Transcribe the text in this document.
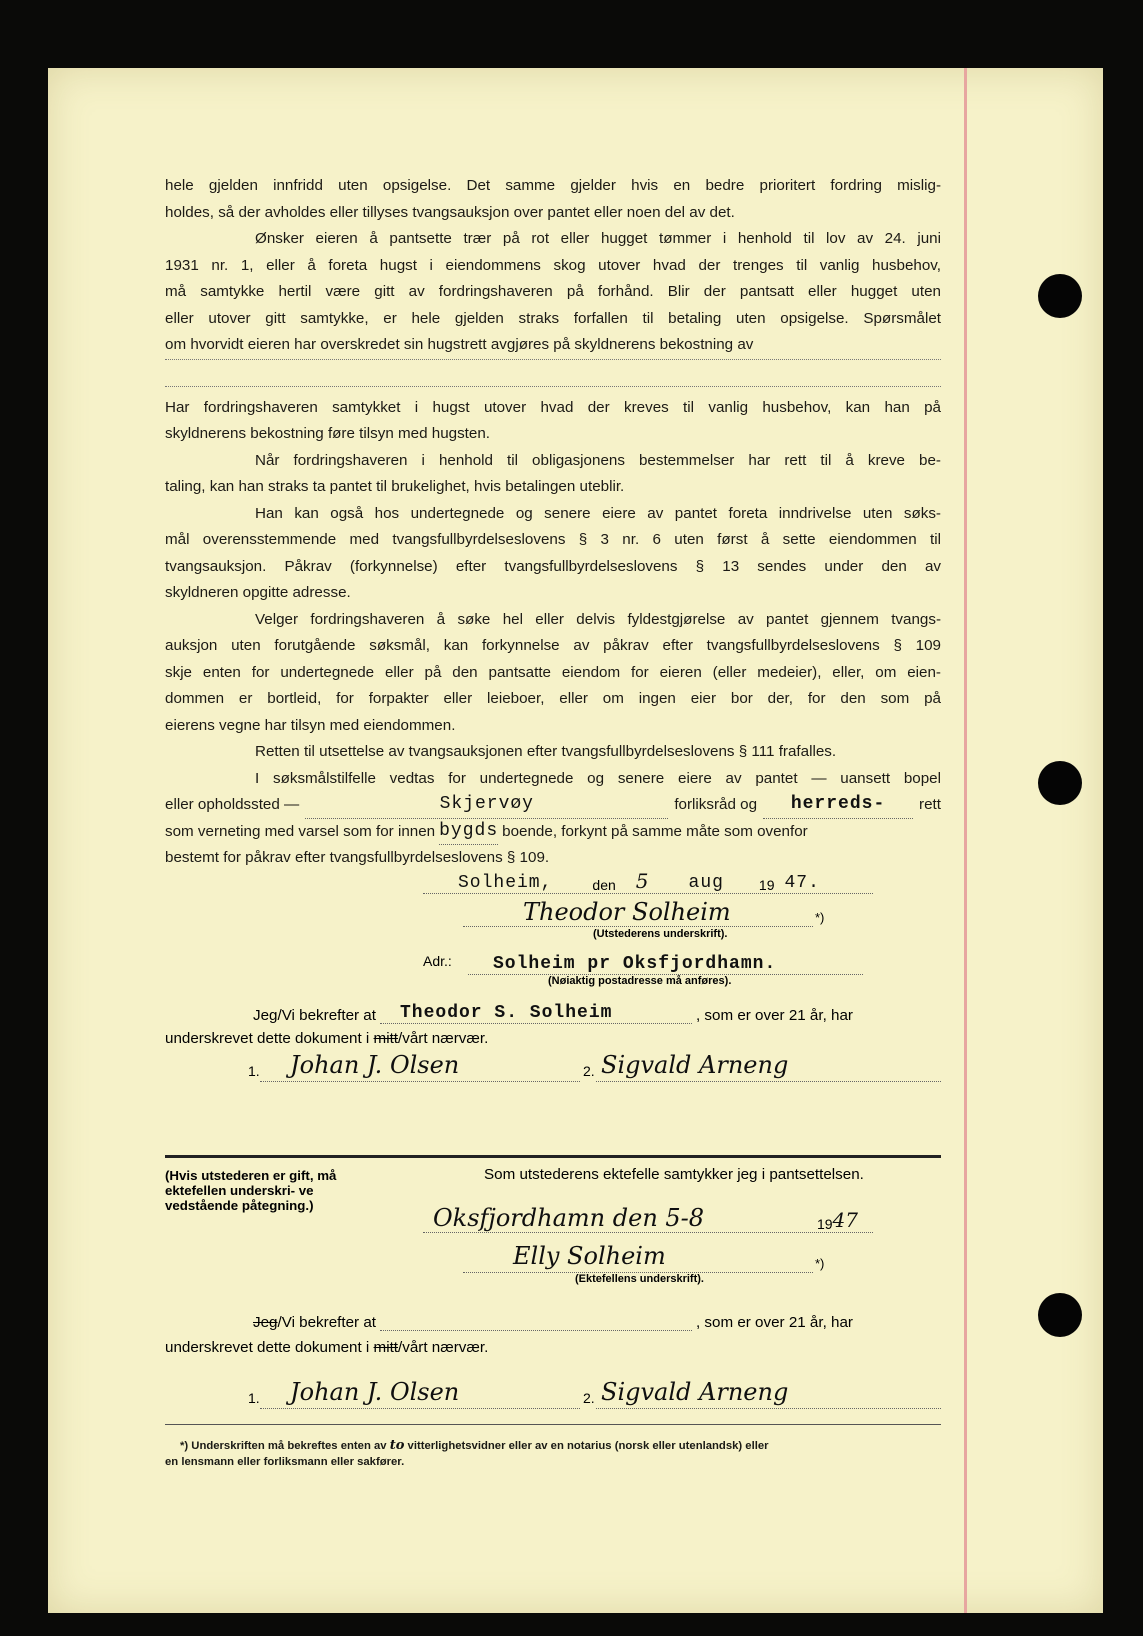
hele gjelden innfridd uten opsigelse. Det samme gjelder hvis en bedre prioritert fordring mislig-

holdes, så der avholdes eller tillyses tvangsauksjon over pantet eller noen del av det.

Ønsker eieren å pantsette trær på rot eller hugget tømmer i henhold til lov av 24. juni

1931 nr. 1, eller å foreta hugst i eiendommens skog utover hvad der trenges til vanlig husbehov,

må samtykke hertil være gitt av fordringshaveren på forhånd. Blir der pantsatt eller hugget uten

eller utover gitt samtykke, er hele gjelden straks forfallen til betaling uten opsigelse. Spørsmålet

om hvorvidt eieren har overskredet sin hugstrett avgjøres på skyldnerens bekostning av

Har fordringshaveren samtykket i hugst utover hvad der kreves til vanlig husbehov, kan han på

skyldnerens bekostning føre tilsyn med hugsten.

Når fordringshaveren i henhold til obligasjonens bestemmelser har rett til å kreve be-

taling, kan han straks ta pantet til brukelighet, hvis betalingen uteblir.

Han kan også hos undertegnede og senere eiere av pantet foreta inndrivelse uten søks-

mål overensstemmende med tvangsfullbyrdelseslovens § 3 nr. 6 uten først å sette eiendommen til

tvangsauksjon. Påkrav (forkynnelse) efter tvangsfullbyrdelseslovens § 13 sendes under den av

skyldneren opgitte adresse.

Velger fordringshaveren å søke hel eller delvis fyldestgjørelse av pantet gjennem tvangs-

auksjon uten forutgående søksmål, kan forkynnelse av påkrav efter tvangsfullbyrdelseslovens § 109

skje enten for undertegnede eller på den pantsatte eiendom for eieren (eller medeier), eller, om eien-

dommen er bortleid, for forpakter eller leieboer, eller om ingen eier bor der, for den som på

eierens vegne har tilsyn med eiendommen.

Retten til utsettelse av tvangsauksjonen efter tvangsfullbyrdelseslovens § 111 frafalles.

I søksmålstilfelle vedtas for undertegnede og senere eiere av pantet — uansett bopel

eller opholdssted —	Skjervøy	forliksråd og	herreds-	rett
som verneting med varsel som for innen bygds boende, forkynt på samme måte som ovenfor

bestemt for påkrav efter tvangsfullbyrdelseslovens § 109.

Solheim,	den 5 aug	19 47.
Theodor Solheim	*)
(Utstederens underskrift).
Adr.: Solheim pr Oksfjordhamn.
(Nøiaktig postadresse må anføres).
Jeg/Vi bekrefter at	Theodor S. Solheim	, som er over 21 år, har
underskrevet dette dokument i mitt/vårt nærvær.
1. Johan J. Olsen	2. Sigvald Arneng
(Hvis utstederen er gift, må ektefellen underskri- ve vedstående påtegning.)
Som utstederens ektefelle samtykker jeg i pantsettelsen.
Oksfjordhamn den 5-8	19 47
Elly Solheim	*)
(Ektefellens underskrift).
Jeg /Vi bekrefter at	, som er over 21 år, har
underskrevet dette dokument i mitt/vårt nærvær.
1. Johan J. Olsen	2. Sigvald Arneng
*) Underskriften må bekreftes enten av to vitterlighetsvidner eller av en notarius (norsk eller utenlandsk) eller
en lensmann eller forliksmann eller sakfører.
